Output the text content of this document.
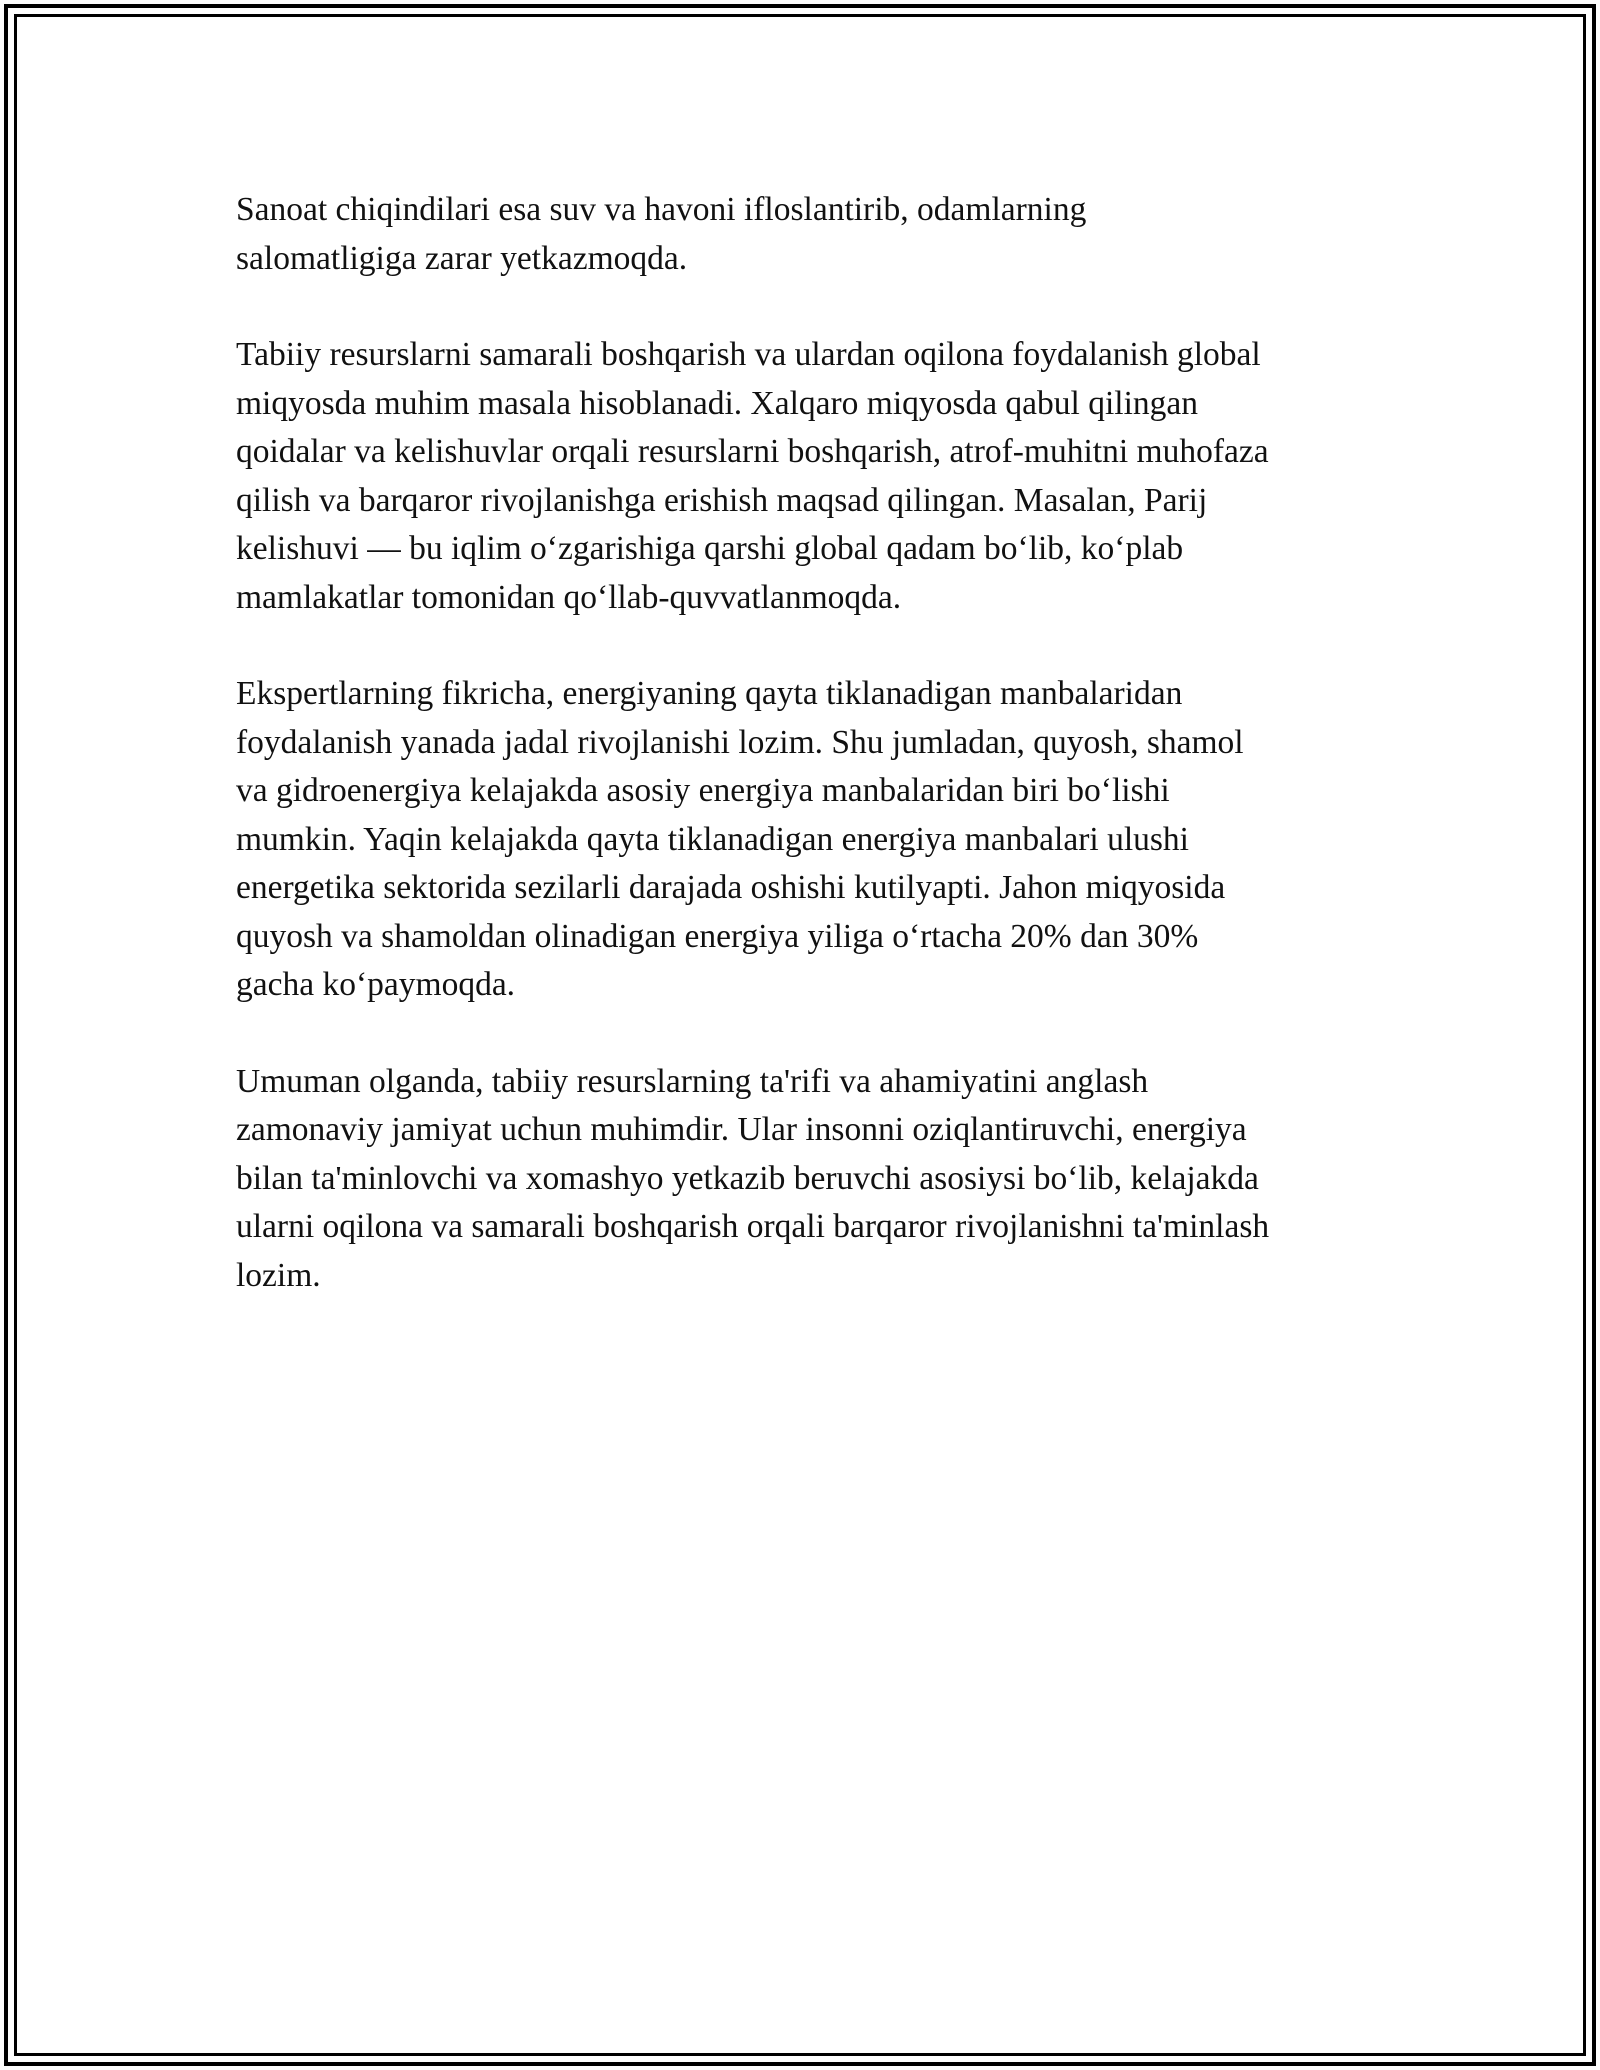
Sanoat chiqindilari esa suv va havoni ifloslantirib, odamlarning
salomatligiga zarar yetkazmoqda.

Tabiiy resurslarni samarali boshqarish va ulardan oqilona foydalanish global
miqyosda muhim masala hisoblanadi. Xalqaro miqyosda qabul qilingan
qoidalar va kelishuvlar orqali resurslarni boshqarish, atrof-muhitni muhofaza
qilish va barqaror rivojlanishga erishish maqsad qilingan. Masalan, Parij
kelishuvi — bu iqlim o‘zgarishiga qarshi global qadam bo‘lib, ko‘plab
mamlakatlar tomonidan qo‘llab-quvvatlanmoqda.

Ekspertlarning fikricha, energiyaning qayta tiklanadigan manbalaridan
foydalanish yanada jadal rivojlanishi lozim. Shu jumladan, quyosh, shamol
va gidroenergiya kelajakda asosiy energiya manbalaridan biri bo‘lishi
mumkin. Yaqin kelajakda qayta tiklanadigan energiya manbalari ulushi
energetika sektorida sezilarli darajada oshishi kutilyapti. Jahon miqyosida
quyosh va shamoldan olinadigan energiya yiliga o‘rtacha 20% dan 30%
gacha ko‘paymoqda.

Umuman olganda, tabiiy resurslarning ta'rifi va ahamiyatini anglash
zamonaviy jamiyat uchun muhimdir. Ular insonni oziqlantiruvchi, energiya
bilan ta'minlovchi va xomashyo yetkazib beruvchi asosiysi bo‘lib, kelajakda
ularni oqilona va samarali boshqarish orqali barqaror rivojlanishni ta'minlash
lozim.
